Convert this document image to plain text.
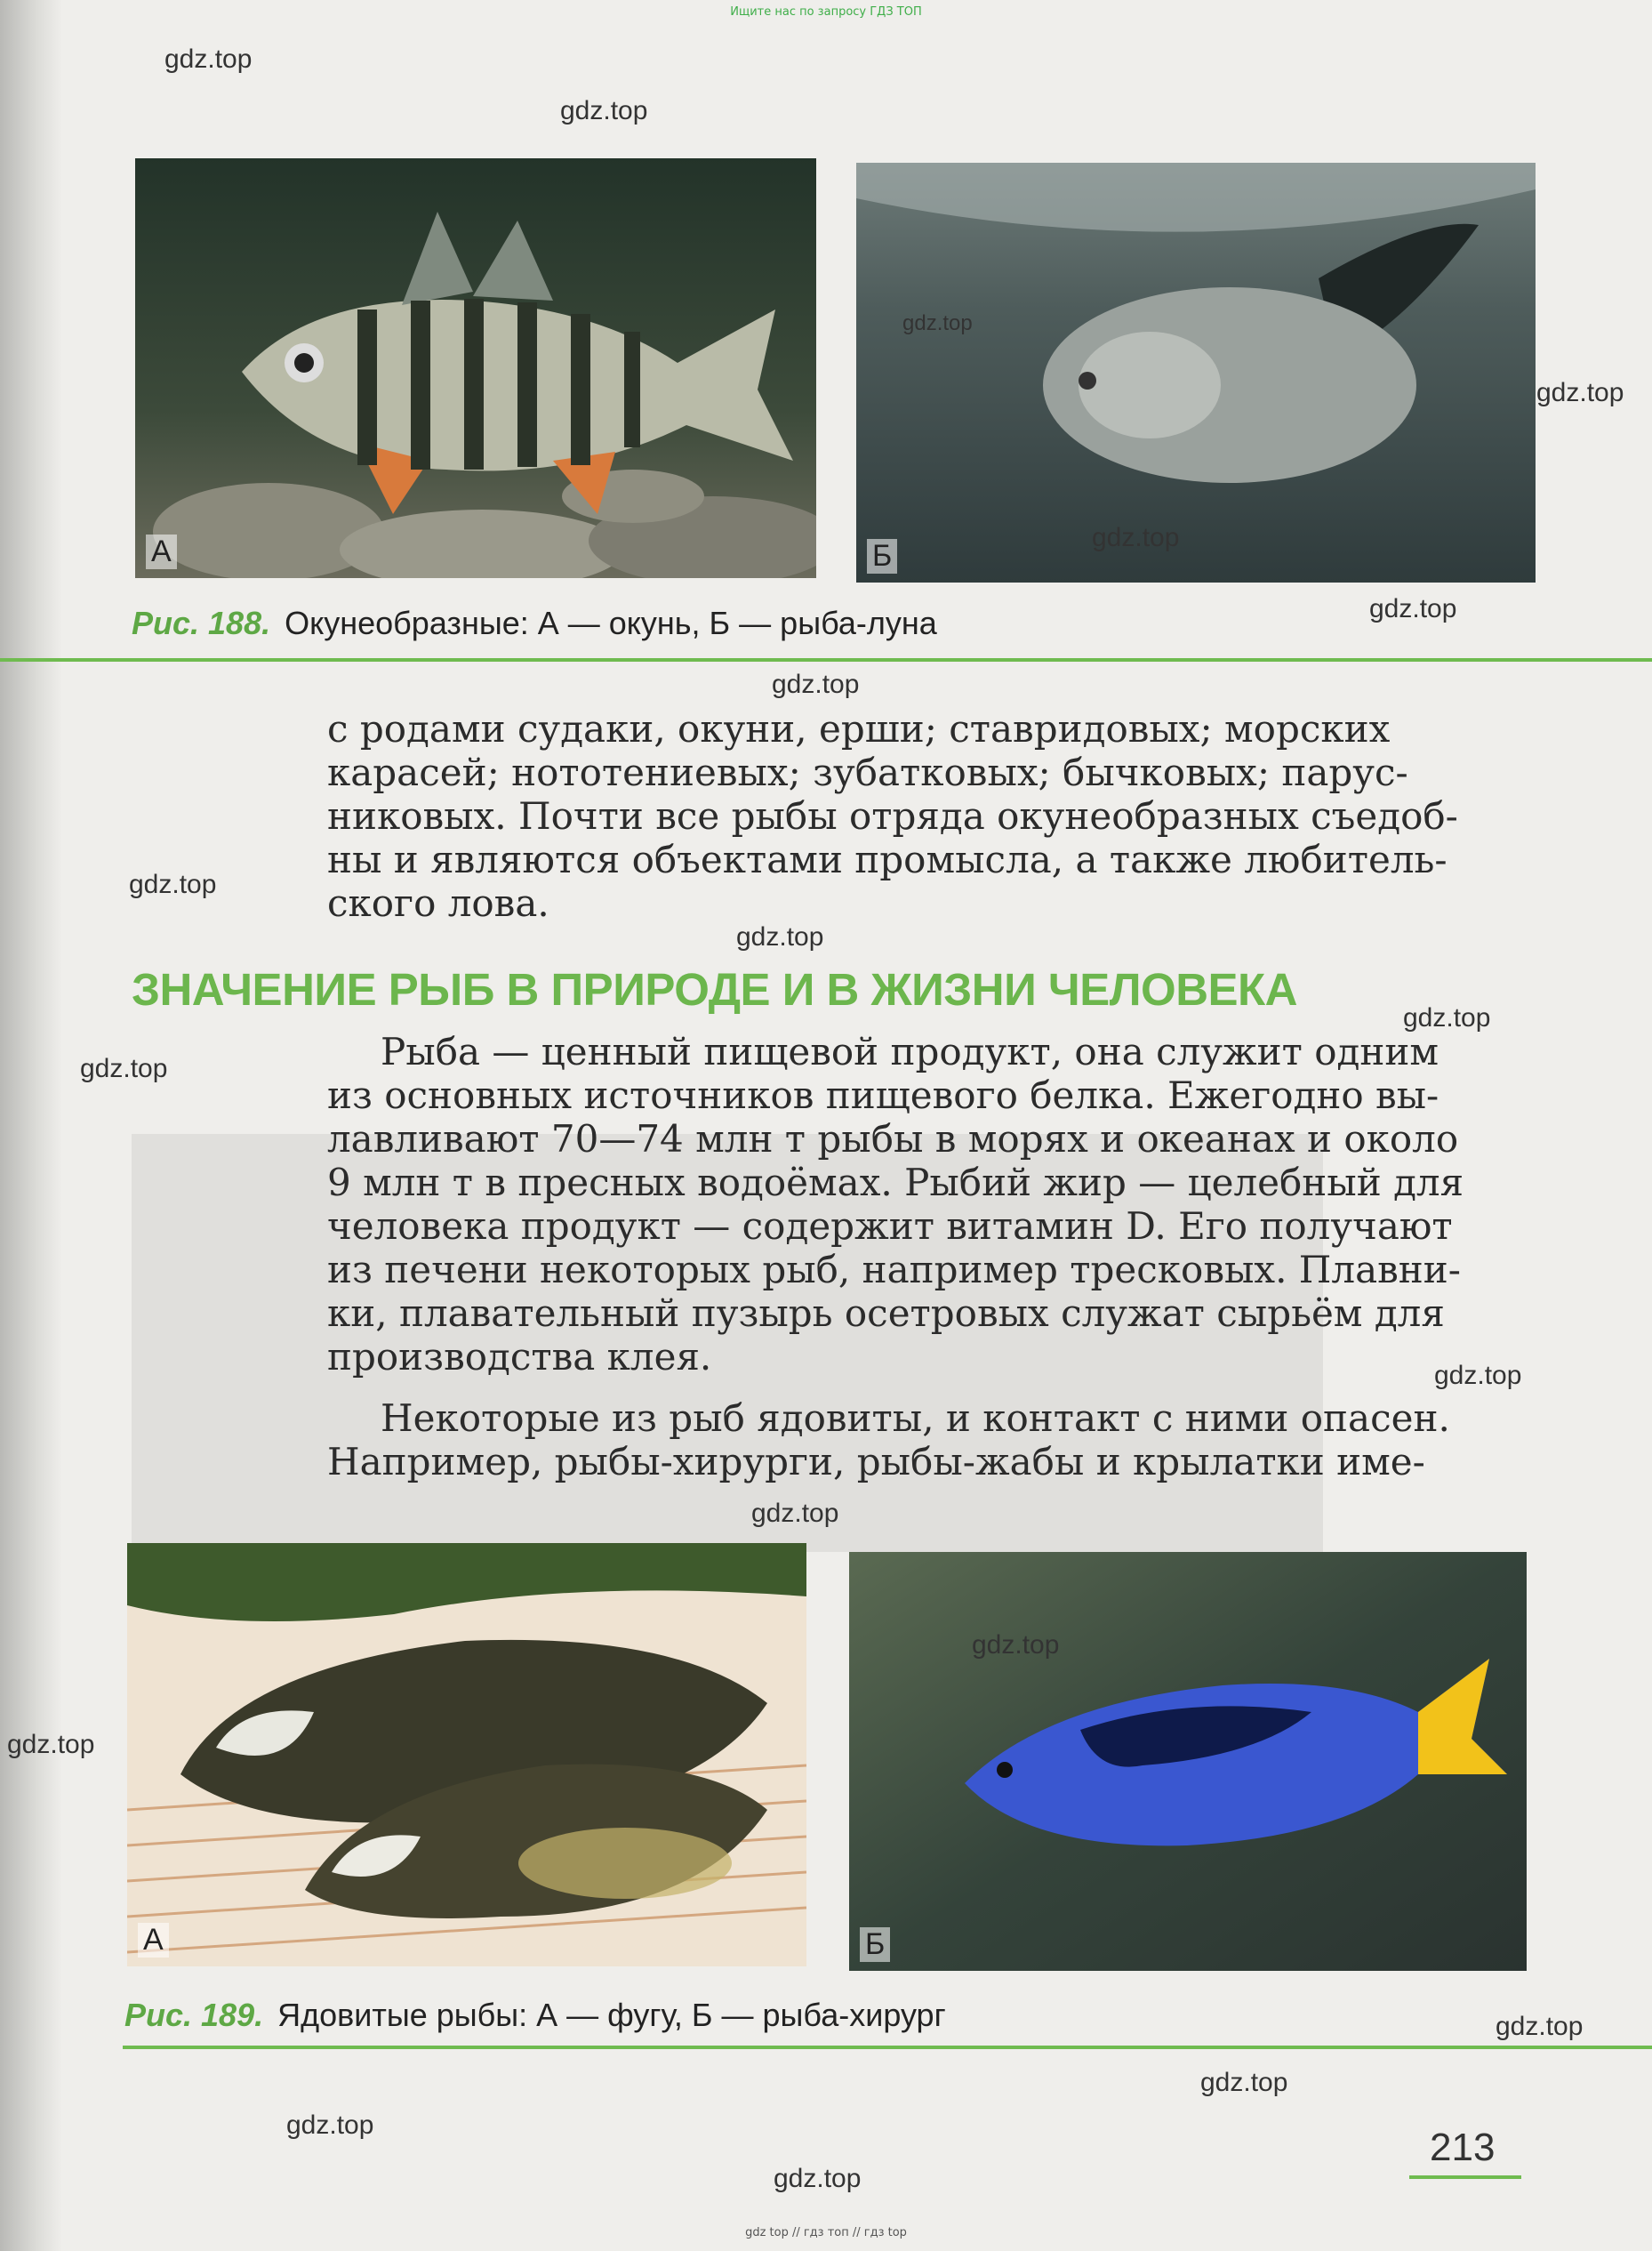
Ищите нас по запросу ГДЗ ТОП
А	Б
Рис. 188. Окунеобразные: А — окунь, Б — рыба-луна

с родами судаки, окуни, ерши; ставридовых; морских

карасей; нототениевых; зубатковых; бычковых; парус-

никовых. Почти все рыбы отряда окунеобразных съедоб-

ны и являются объектами промысла, а также любитель-

ского лова.

ЗНАЧЕНИЕ РЫБ В ПРИРОДЕ И В ЖИЗНИ ЧЕЛОВЕКА

Рыба — ценный пищевой продукт, она служит одним

из основных источников пищевого белка. Ежегодно вы-

лавливают 70—74 млн т рыбы в морях и океанах и около

9 млн т в пресных водоёмах. Рыбий жир — целебный для

человека продукт — содержит витамин D. Его получают

из печени некоторых рыб, например тресковых. Плавни-

ки, плавательный пузырь осетровых служат сырьём для

производства клея.

Некоторые из рыб ядовиты, и контакт с ними опасен.

Например, рыбы-хирурги, рыбы-жабы и крылатки име-

А	Б
Рис. 189. Ядовитые рыбы: А — фугу, Б — рыба-хирург
213
gdz.top
gdz.top
gdz.top
gdz.top
gdz.top
gdz.top
gdz.top
gdz.top
gdz.top
gdz.top
gdz.top
gdz.top
gdz.top
gdz.top
gdz.top
gdz.top
gdz.top
gdz.top
gdz.top
gdz top // гдз топ // гдз top
